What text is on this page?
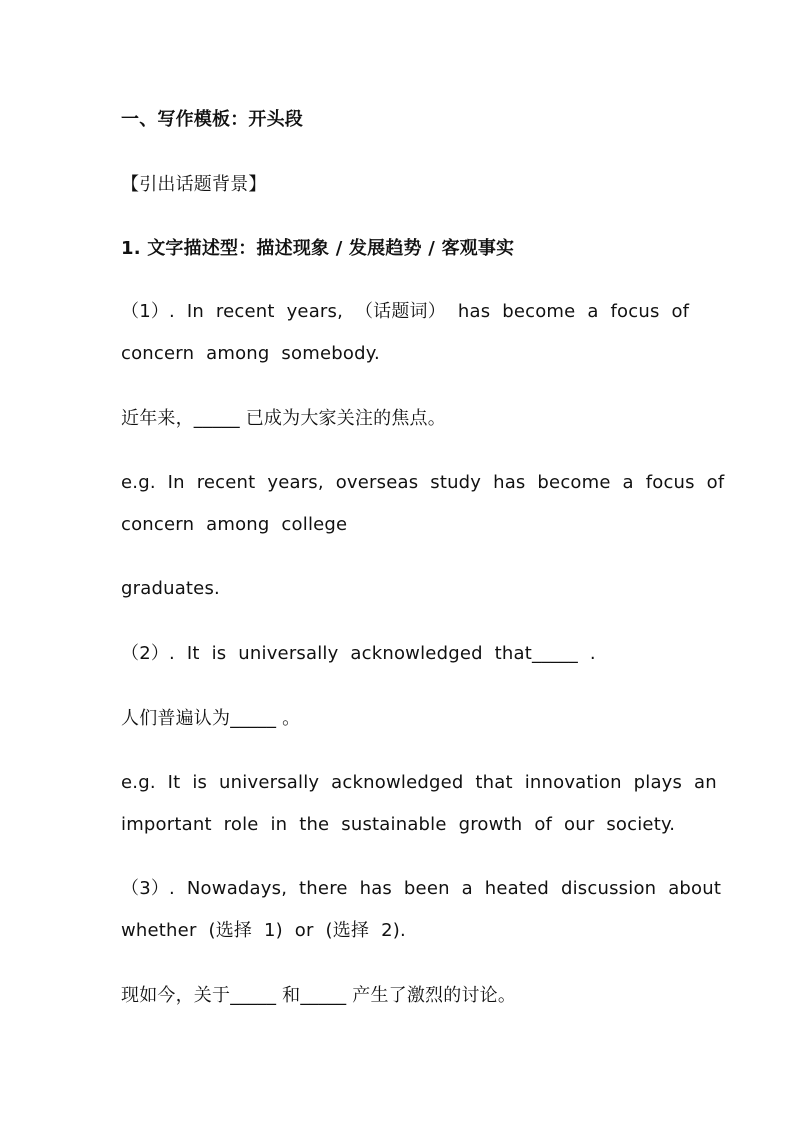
一、写作模板：开头段
【引出话题背景】
1. 文字描述型：描述现象 / 发展趋势 / 客观事实
（1）. In recent years, （话题词） has become a focus of
concern among somebody.
近年来，_____ 已成为大家关注的焦点。
e.g. In recent years, overseas study has become a focus of
concern among college
graduates.
（2）. It is universally acknowledged that_____ .
人们普遍认为_____ 。
e.g. It is universally acknowledged that innovation plays an
important role in the sustainable growth of our society.
（3）. Nowadays, there has been a heated discussion about
whether (选择 1) or (选择 2).
现如今，关于_____ 和_____ 产生了激烈的讨论。
